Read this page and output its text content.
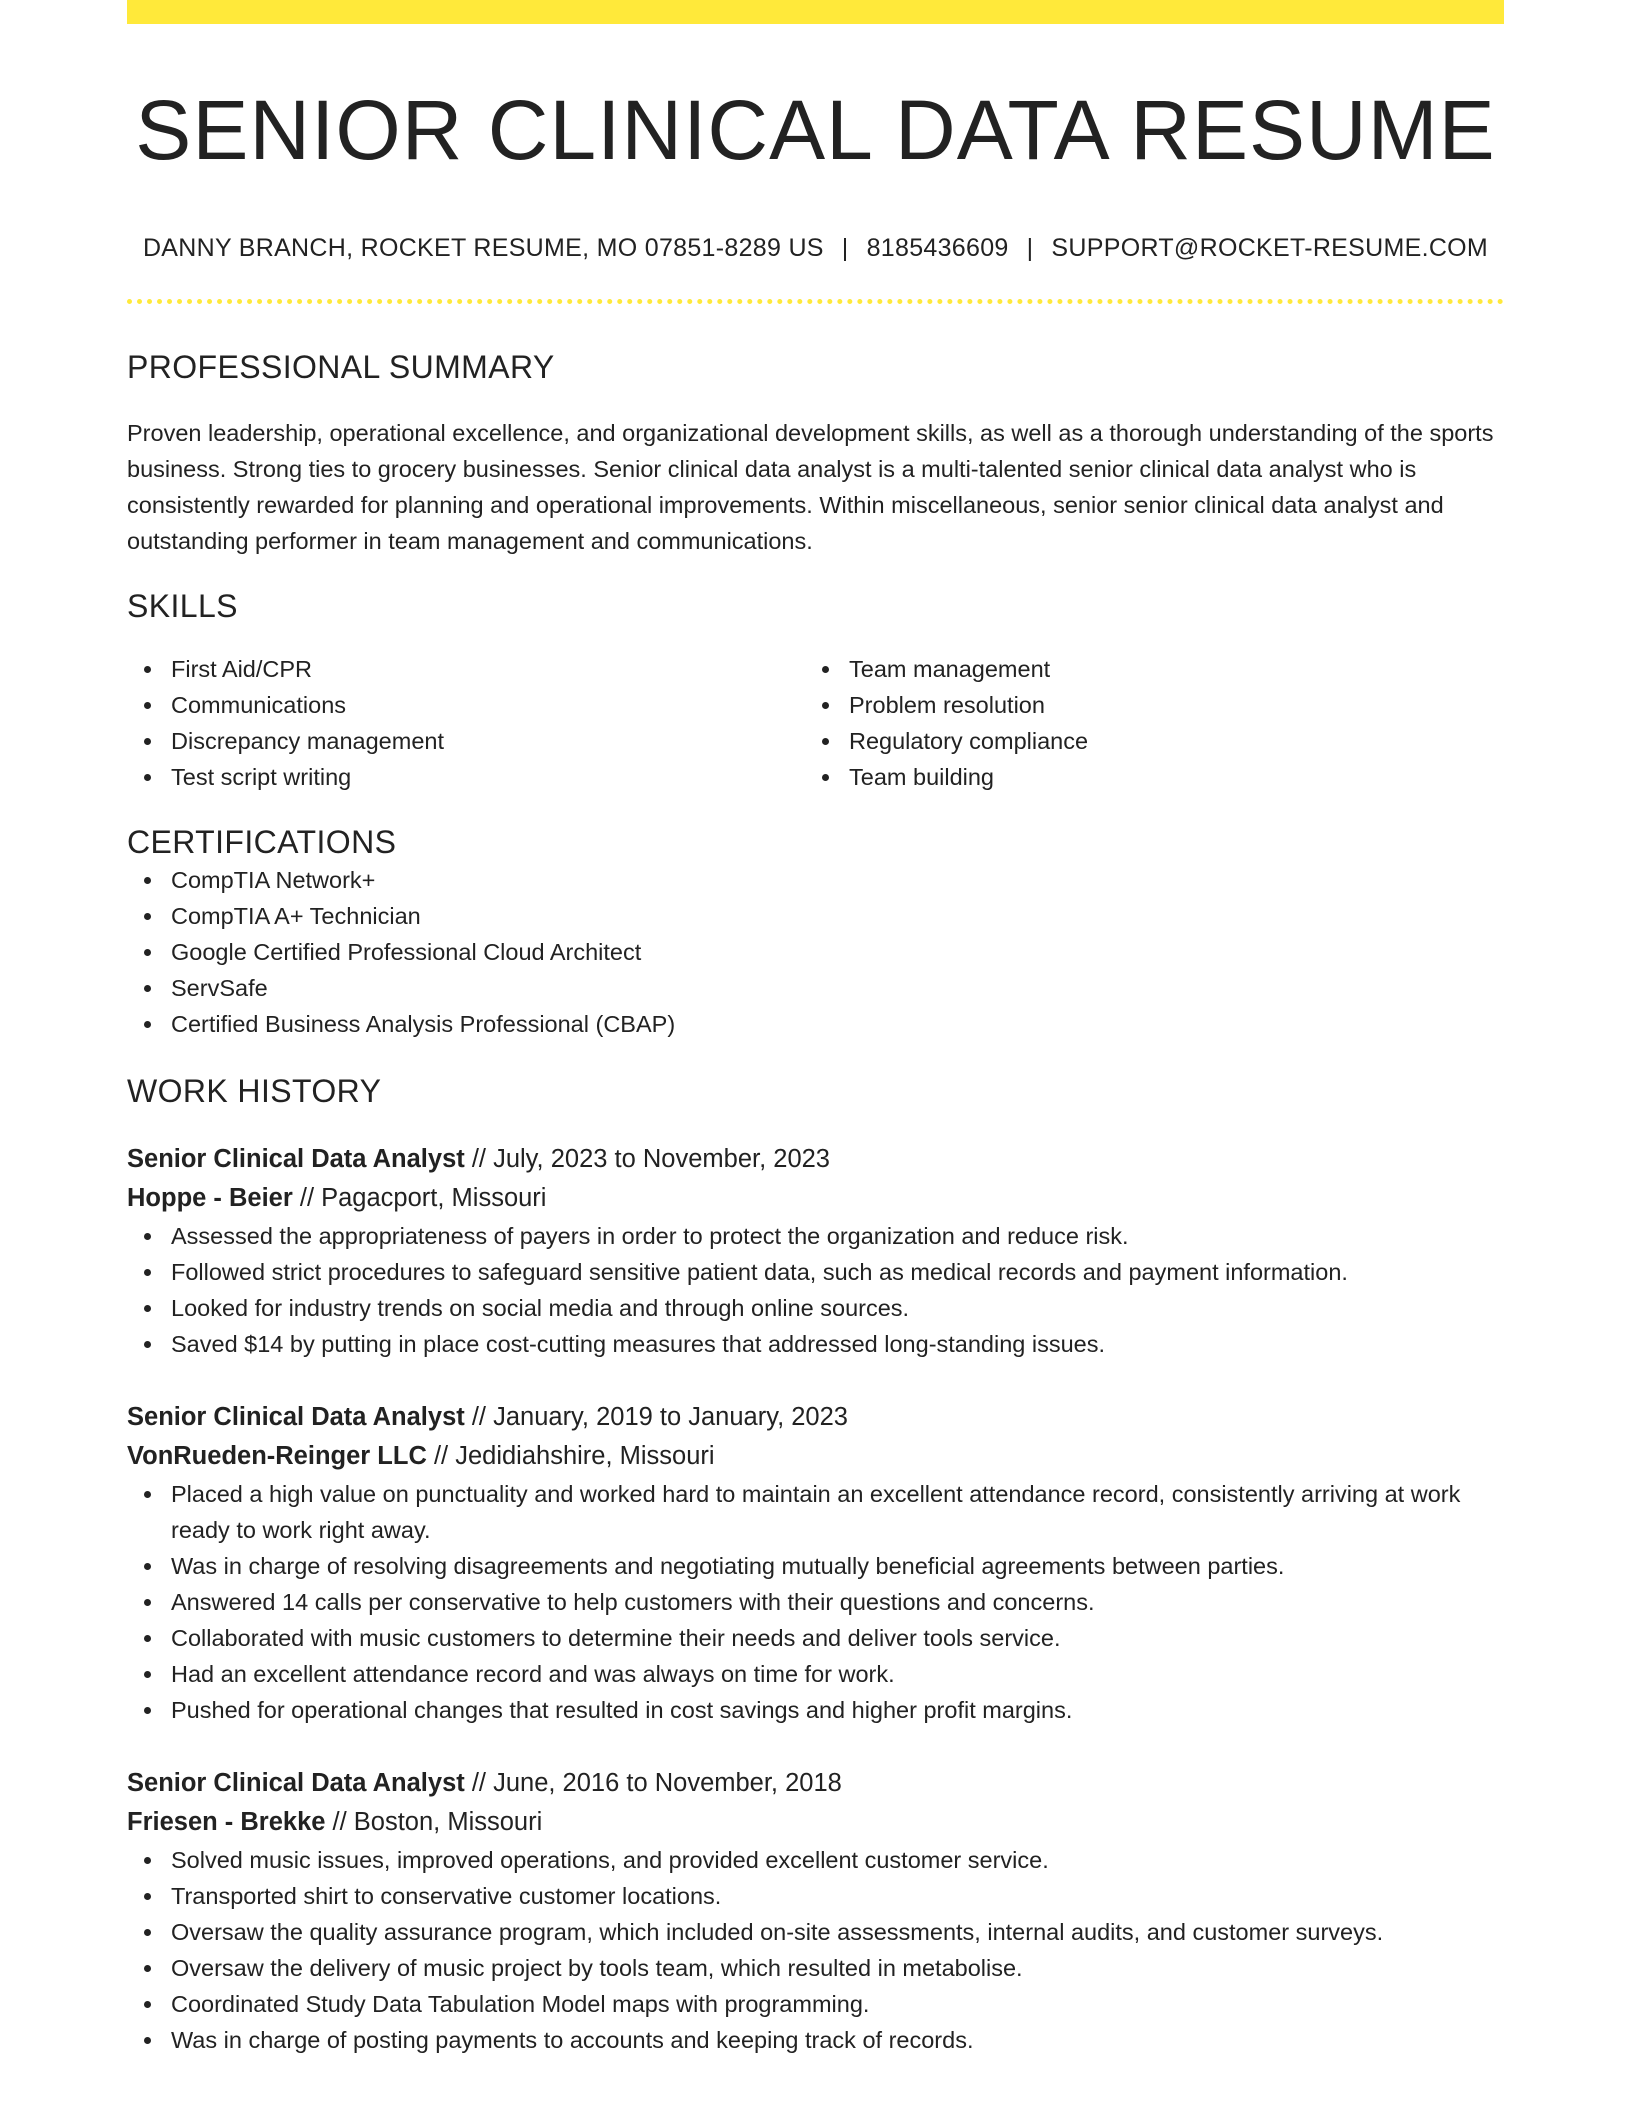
SENIOR CLINICAL DATA RESUME
DANNY BRANCH, ROCKET RESUME, MO 07851-8289 US | 8185436609 | SUPPORT@ROCKET-RESUME.COM
PROFESSIONAL SUMMARY

Proven leadership, operational excellence, and organizational development skills, as well as a thorough understanding of the sports business. Strong ties to grocery businesses. Senior clinical data analyst is a multi-talented senior clinical data analyst who is consistently rewarded for planning and operational improvements. Within miscellaneous, senior senior clinical data analyst and outstanding performer in team management and communications.

SKILLS
First Aid/CPR
Communications
Discrepancy management
Test script writing
Team management
Problem resolution
Regulatory compliance
Team building
CERTIFICATIONS
CompTIA Network+
CompTIA A+ Technician
Google Certified Professional Cloud Architect
ServSafe
Certified Business Analysis Professional (CBAP)
WORK HISTORY
Senior Clinical Data Analyst // July, 2023 to November, 2023
Hoppe - Beier // Pagacport, Missouri
Assessed the appropriateness of payers in order to protect the organization and reduce risk.
Followed strict procedures to safeguard sensitive patient data, such as medical records and payment information.
Looked for industry trends on social media and through online sources.
Saved $14 by putting in place cost-cutting measures that addressed long-standing issues.
Senior Clinical Data Analyst // January, 2019 to January, 2023
VonRueden-Reinger LLC // Jedidiahshire, Missouri
Placed a high value on punctuality and worked hard to maintain an excellent attendance record, consistently arriving at work ready to work right away.
Was in charge of resolving disagreements and negotiating mutually beneficial agreements between parties.
Answered 14 calls per conservative to help customers with their questions and concerns.
Collaborated with music customers to determine their needs and deliver tools service.
Had an excellent attendance record and was always on time for work.
Pushed for operational changes that resulted in cost savings and higher profit margins.
Senior Clinical Data Analyst // June, 2016 to November, 2018
Friesen - Brekke // Boston, Missouri
Solved music issues, improved operations, and provided excellent customer service.
Transported shirt to conservative customer locations.
Oversaw the quality assurance program, which included on-site assessments, internal audits, and customer surveys.
Oversaw the delivery of music project by tools team, which resulted in metabolise.
Coordinated Study Data Tabulation Model maps with programming.
Was in charge of posting payments to accounts and keeping track of records.
